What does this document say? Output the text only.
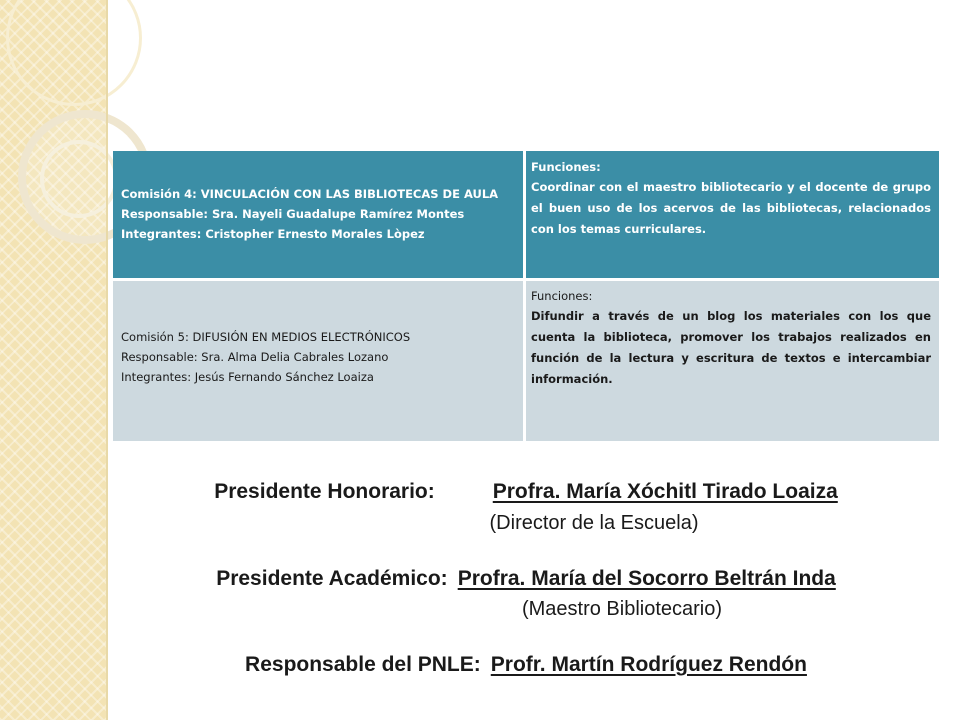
Comisión 4: VINCULACIÓN CON LAS BIBLIOTECAS DE AULA
Responsable: Sra. Nayeli Guadalupe Ramírez Montes
Integrantes: Cristopher Ernesto Morales Lòpez
Funciones:

Coordinar con el maestro bibliotecario y el docente de grupo el buen uso de los acervos de las bibliotecas, relacionados con los temas curriculares.

Comisión 5: DIFUSIÓN EN MEDIOS ELECTRÓNICOS
Responsable: Sra. Alma Delia Cabrales Lozano
Integrantes: Jesús Fernando Sánchez Loaiza
Funciones:

Difundir a través de un blog los materiales con los que cuenta la biblioteca, promover los trabajos realizados en función de la lectura y escritura de textos e intercambiar información.

Presidente Honorario:	Profra. María Xóchitl Tirado Loaiza
(Director de la Escuela)
Presidente Académico: Profra. María del Socorro Beltrán Inda
(Maestro Bibliotecario)
Responsable del PNLE: Profr. Martín Rodríguez Rendón
